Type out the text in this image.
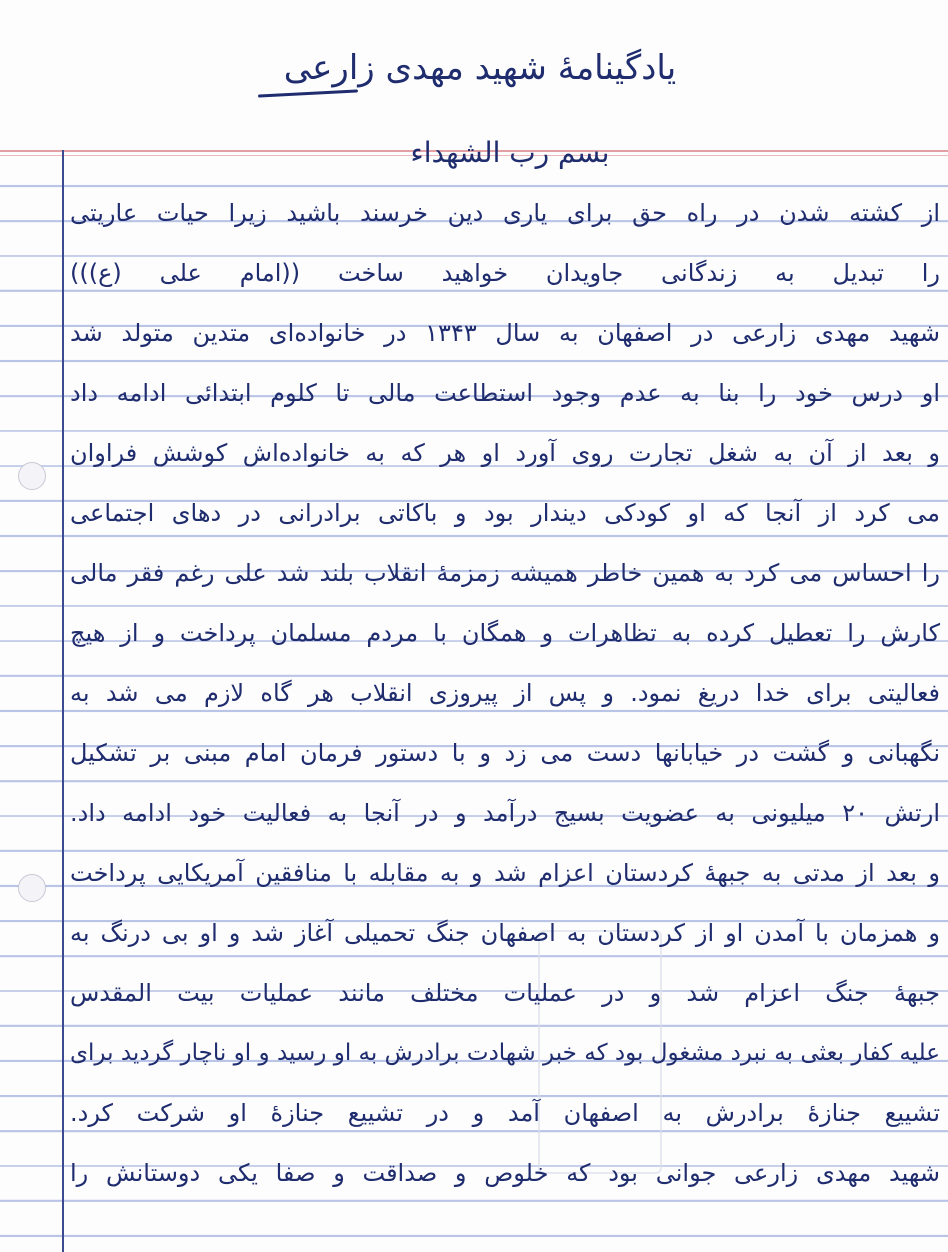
یادگینامهٔ شهید مهدی زارعی
بسم رب الشهداء
از کشته شدن در راه حق برای یاری دین خرسند باشید زیرا حیات عاریتی
را تبدیل به زندگانی جاویدان خواهید ساخت ((امام علی (ع)))
شهید مهدی زارعی در اصفهان به سال ۱۳۴۳ در خانواده‌ای متدین متولد شد
او درس خود را بنا به عدم وجود استطاعت مالی تا کلوم ابتدائی ادامه داد
و بعد از آن به شغل تجارت روی آورد او هر که به خانواده‌اش کوشش فراوان
می کرد از آنجا که او کودکی دیندار بود و باکاتی برادرانی در دهای اجتماعی
را احساس می کرد به همین خاطر همیشه زمزمهٔ انقلاب بلند شد علی رغم فقر مالی
کارش را تعطیل کرده به تظاهرات و همگان با مردم مسلمان پرداخت و از هیچ
فعالیتی برای خدا دریغ نمود. و پس از پیروزی انقلاب هر گاه لازم می شد به
نگهبانی و گشت در خیابانها دست می زد و با دستور فرمان امام مبنی بر تشکیل
ارتش ۲۰ میلیونی به عضویت بسیج درآمد و در آنجا به فعالیت خود ادامه داد.
و بعد از مدتی به جبههٔ کردستان اعزام شد و به مقابله با منافقین آمریکایی پرداخت
و همزمان با آمدن او از کردستان به اصفهان جنگ تحمیلی آغاز شد و او بی درنگ به
جبههٔ جنگ اعزام شد و در عملیات مختلف مانند عملیات بیت المقدس
علیه کفار بعثی به نبرد مشغول بود که خبر شهادت برادرش به او رسید و او ناچار گردید برای
تشییع جنازهٔ برادرش به اصفهان آمد و در تشییع جنازهٔ او شرکت کرد.
شهید مهدی زارعی جوانی بود که خلوص و صداقت و صفا یکی دوستانش را
